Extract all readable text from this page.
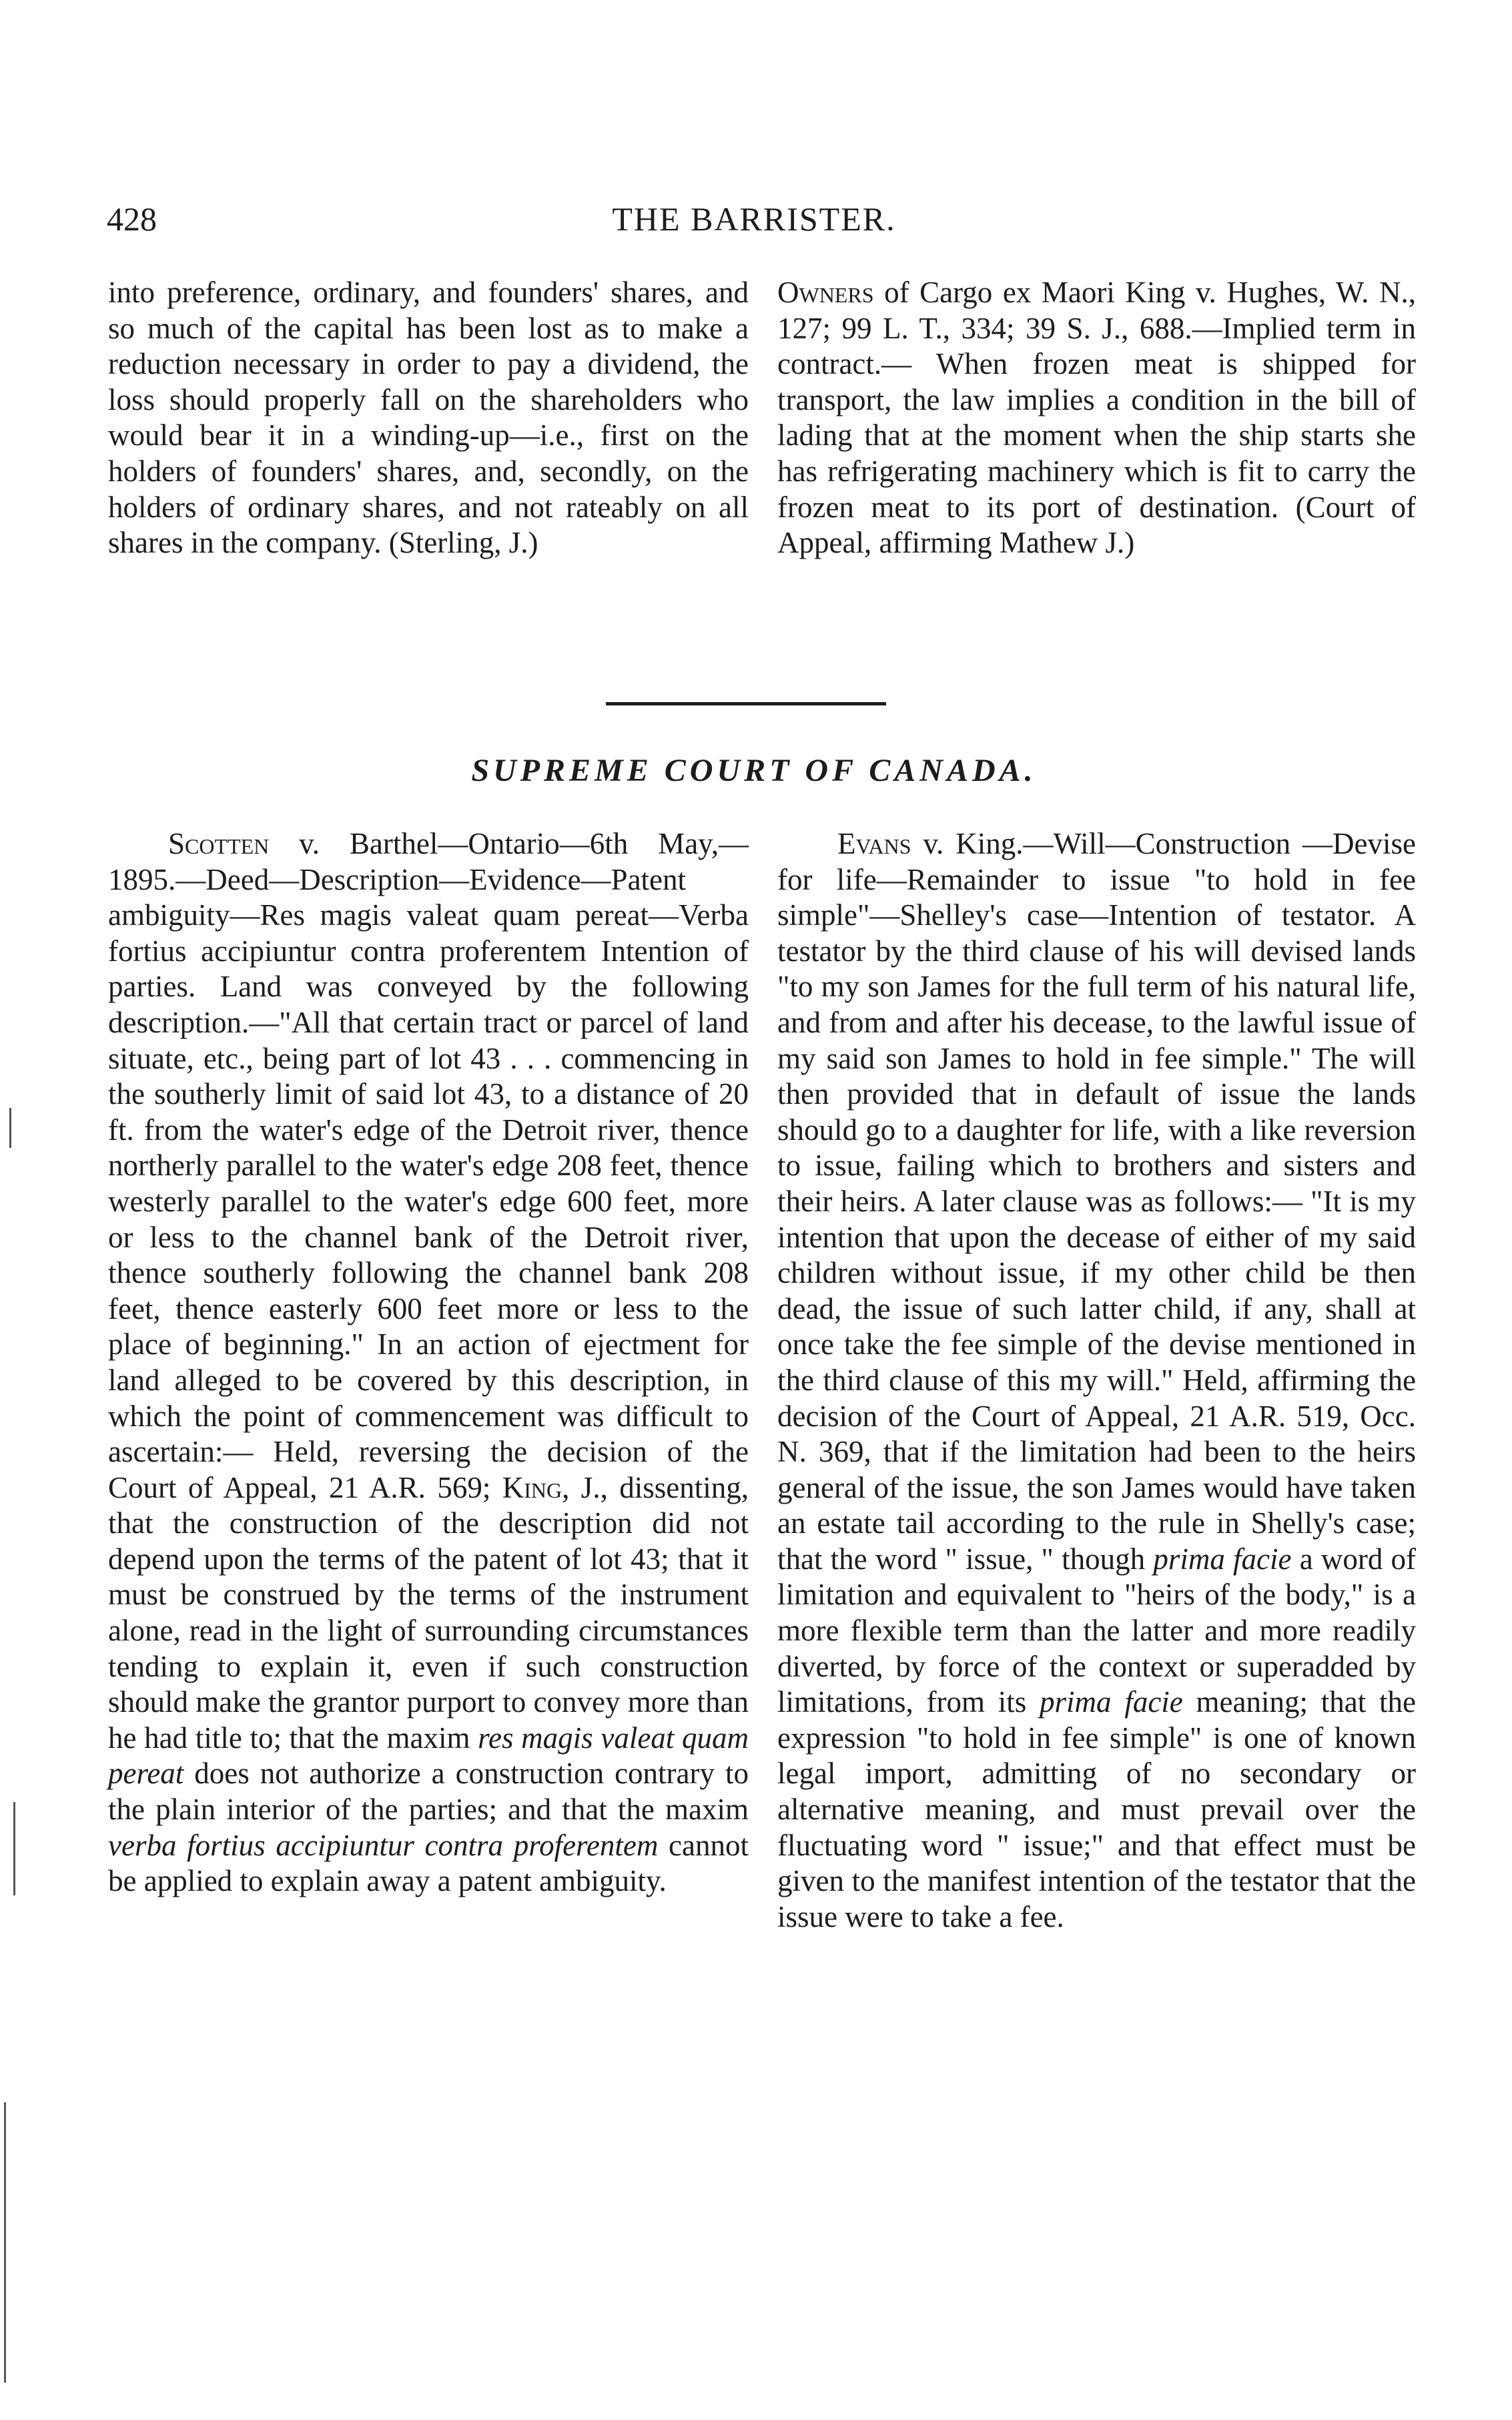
428	THE BARRISTER.

into preference, ordinary, and founders' shares, and so much of the capital has been lost as to make a reduction necessary in order to pay a dividend, the loss should properly fall on the shareholders who would bear it in a winding-up—i.e., first on the holders of founders' shares, and, secondly, on the holders of ordinary shares, and not rateably on all shares in the company. (Sterling, J.)

Owners of Cargo ex Maori King v. Hughes, W. N., 127; 99 L. T., 334; 39 S. J., 688.—Implied term in contract.— When frozen meat is shipped for transport, the law implies a condition in the bill of lading that at the moment when the ship starts she has refrigerating machinery which is fit to carry the frozen meat to its port of destination. (Court of Appeal, affirming Mathew J.)

SUPREME COURT OF CANADA.

Scotten v. Barthel—Ontario—6th May,— 1895.—Deed—Description—Evidence—Patent ambiguity—Res magis valeat quam pereat—Verba fortius accipiuntur contra proferentem Intention of parties. Land was conveyed by the following description.—"All that certain tract or parcel of land situate, etc., being part of lot 43 . . . commencing in the southerly limit of said lot 43, to a distance of 20 ft. from the water's edge of the Detroit river, thence northerly parallel to the water's edge 208 feet, thence westerly parallel to the water's edge 600 feet, more or less to the channel bank of the Detroit river, thence southerly following the channel bank 208 feet, thence easterly 600 feet more or less to the place of beginning." In an action of ejectment for land alleged to be covered by this description, in which the point of commencement was difficult to ascertain:— Held, reversing the decision of the Court of Appeal, 21 A.R. 569; King, J., dissenting, that the construction of the description did not depend upon the terms of the patent of lot 43; that it must be construed by the terms of the instrument alone, read in the light of surrounding circumstances tending to explain it, even if such construction should make the grantor purport to convey more than he had title to; that the maxim res magis valeat quam pereat does not authorize a construction contrary to the plain interior of the parties; and that the maxim verba fortius accipiuntur contra proferentem cannot be applied to explain away a patent ambiguity.

Evans v. King.—Will—Construction —Devise for life—Remainder to issue "to hold in fee simple"—Shelley's case—Intention of testator. A testator by the third clause of his will devised lands "to my son James for the full term of his natural life, and from and after his decease, to the lawful issue of my said son James to hold in fee simple." The will then provided that in default of issue the lands should go to a daughter for life, with a like reversion to issue, failing which to brothers and sisters and their heirs. A later clause was as follows:— "It is my intention that upon the decease of either of my said children without issue, if my other child be then dead, the issue of such latter child, if any, shall at once take the fee simple of the devise mentioned in the third clause of this my will." Held, affirming the decision of the Court of Appeal, 21 A.R. 519, Occ. N. 369, that if the limitation had been to the heirs general of the issue, the son James would have taken an estate tail according to the rule in Shelly's case; that the word " issue, " though prima facie a word of limitation and equivalent to "heirs of the body," is a more flexible term than the latter and more readily diverted, by force of the context or superadded by limitations, from its prima facie meaning; that the expression "to hold in fee simple" is one of known legal import, admitting of no secondary or alternative meaning, and must prevail over the fluctuating word " issue;" and that effect must be given to the manifest intention of the testator that the issue were to take a fee.
